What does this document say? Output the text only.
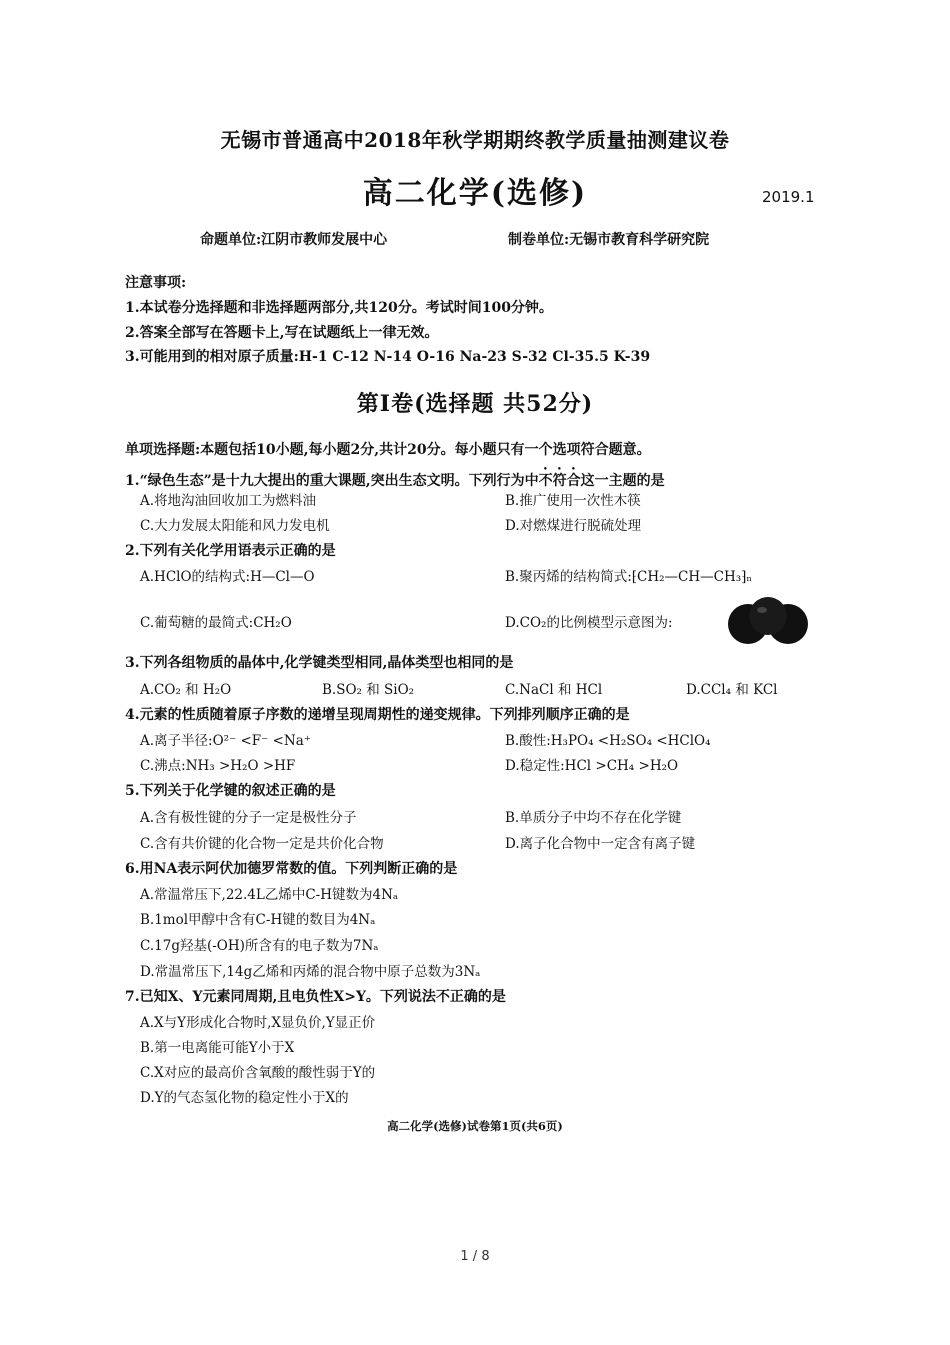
无锡市普通高中2018年秋学期期终教学质量抽测建议卷
高二化学(选修)	2019.1
命题单位:江阴市教师发展中心	制卷单位:无锡市教育科学研究院
注意事项:
1.本试卷分选择题和非选择题两部分,共120分。考试时间100分钟。
2.答案全部写在答题卡上,写在试题纸上一律无效。
3.可能用到的相对原子质量:H-1 C-12 N-14 O-16 Na-23 S-32 Cl-35.5 K-39
第Ⅰ卷(选择题 共52分)
单项选择题:本题包括10小题,每小题2分,共计20分。每小题只有一个选项符合题意。
1.“绿色生态”是十九大提出的重大课题,突出生态文明。下列行为中不符合这一主题的是
A.将地沟油回收加工为燃料油	B.推广使用一次性木筷
C.大力发展太阳能和风力发电机	D.对燃煤进行脱硫处理
2.下列有关化学用语表示正确的是
A.HClO的结构式:H—Cl—O	B.聚丙烯的结构简式:⁅CH₂—CH—CH₃⁆ₙ
C.葡萄糖的最简式:CH₂O	D.CO₂的比例模型示意图为:
3.下列各组物质的晶体中,化学键类型相同,晶体类型也相同的是
A.CO₂ 和 H₂O	B.SO₂ 和 SiO₂	C.NaCl 和 HCl	D.CCl₄ 和 KCl
4.元素的性质随着原子序数的递增呈现周期性的递变规律。下列排列顺序正确的是
A.离子半径:O²⁻ <F⁻ <Na⁺	B.酸性:H₃PO₄ <H₂SO₄ <HClO₄
C.沸点:NH₃ >H₂O >HF	D.稳定性:HCl >CH₄ >H₂O
5.下列关于化学键的叙述正确的是
A.含有极性键的分子一定是极性分子	B.单质分子中均不存在化学键
C.含有共价键的化合物一定是共价化合物	D.离子化合物中一定含有离子键
6.用NA表示阿伏加德罗常数的值。下列判断正确的是
A.常温常压下,22.4L乙烯中C-H键数为4Nₐ
B.1mol甲醇中含有C-H键的数目为4Nₐ
C.17g羟基(-OH)所含有的电子数为7Nₐ
D.常温常压下,14g乙烯和丙烯的混合物中原子总数为3Nₐ
7.已知X、Y元素同周期,且电负性X>Y。下列说法不正确的是
A.X与Y形成化合物时,X显负价,Y显正价
B.第一电离能可能Y小于X
C.X对应的最高价含氧酸的酸性弱于Y的
D.Y的气态氢化物的稳定性小于X的
高二化学(选修)试卷第1页(共6页)
1 / 8
